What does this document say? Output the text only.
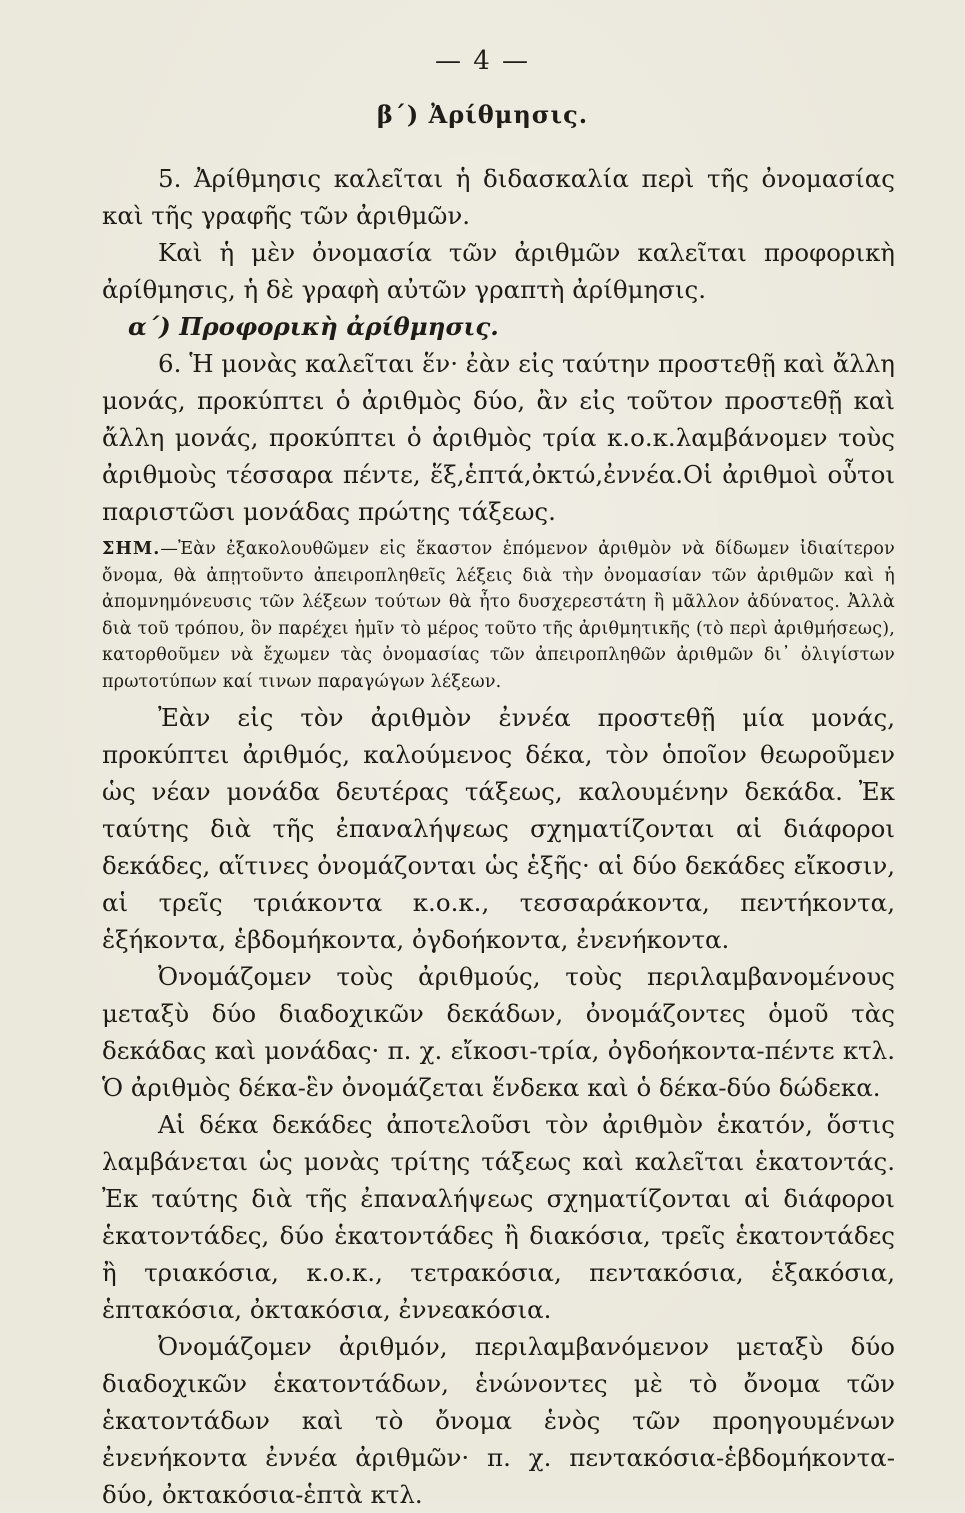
— 4 —
β΄) Ἀρίθμησις.

5. Ἀρίθμησις καλεῖται ἡ διδασκαλία περὶ τῆς ὀνομασίας καὶ τῆς γραφῆς τῶν ἀριθμῶν.

Καὶ ἡ μὲν ὀνομασία τῶν ἀριθμῶν καλεῖται προφορικὴ ἀρίθμησις, ἡ δὲ γραφὴ αὐτῶν γραπτὴ ἀρίθμησις.

α΄) Προφορικὴ ἀρίθμησις.

6. Ἡ μονὰς καλεῖται ἕν· ἐὰν εἰς ταύτην προστεθῇ καὶ ἄλλη μονάς, προκύπτει ὁ ἀριθμὸς δύο, ἂν εἰς τοῦτον προστεθῇ καὶ ἄλλη μονάς, προκύπτει ὁ ἀριθμὸς τρία κ.ο.κ.λαμβάνομεν τοὺς ἀριθμοὺς τέσσαρα πέντε, ἕξ,ἑπτά,ὀκτώ,ἐννέα.Οἱ ἀριθμοὶ οὗτοι παριστῶσι μονάδας πρώτης τάξεως.

ΣΗΜ.—Ἐὰν ἐξακολουθῶμεν εἰς ἕκαστον ἑπόμενον ἀριθμὸν νὰ δίδωμεν ἰδιαίτερον ὄνομα, θὰ ἀπῃτοῦντο ἀπειροπληθεῖς λέξεις διὰ τὴν ὀνομασίαν τῶν ἀριθμῶν καὶ ἡ ἀπομνημόνευσις τῶν λέξεων τούτων θὰ ἦτο δυσχερεστάτη ἢ μᾶλλον ἀδύνατος. Ἀλλὰ διὰ τοῦ τρόπου, ὃν παρέχει ἡμῖν τὸ μέρος τοῦτο τῆς ἀριθμητικῆς (τὸ περὶ ἀριθμήσεως), κατορθοῦμεν νὰ ἔχωμεν τὰς ὀνομασίας τῶν ἀπειροπληθῶν ἀριθμῶν δι᾽ ὀλιγίστων πρωτοτύπων καί τινων παραγώγων λέξεων.

Ἐὰν εἰς τὸν ἀριθμὸν ἐννέα προστεθῇ μία μονάς, προκύπτει ἀριθμός, καλούμενος δέκα, τὸν ὁποῖον θεωροῦμεν ὡς νέαν μονάδα δευτέρας τάξεως, καλουμένην δεκάδα. Ἐκ ταύτης διὰ τῆς ἐπαναλήψεως σχηματίζονται αἱ διάφοροι δεκάδες, αἵτινες ὀνομάζονται ὡς ἑξῆς· αἱ δύο δεκάδες εἴκοσιν, αἱ τρεῖς τριάκοντα κ.ο.κ., τεσσαράκοντα, πεντήκοντα, ἑξήκοντα, ἑβδομήκοντα, ὀγδοήκοντα, ἐνενήκοντα.

Ὀνομάζομεν τοὺς ἀριθμούς, τοὺς περιλαμβανομένους μεταξὺ δύο διαδοχικῶν δεκάδων, ὀνομάζοντες ὁμοῦ τὰς δεκάδας καὶ μονάδας· π. χ. εἴκοσι-τρία, ὀγδοήκοντα-πέντε κτλ. Ὁ ἀριθμὸς δέκα-ἓν ὀνομάζεται ἕνδεκα καὶ ὁ δέκα-δύο δώδεκα.

Αἱ δέκα δεκάδες ἀποτελοῦσι τὸν ἀριθμὸν ἑκατόν, ὅστις λαμβάνεται ὡς μονὰς τρίτης τάξεως καὶ καλεῖται ἑκατοντάς. Ἐκ ταύτης διὰ τῆς ἐπαναλήψεως σχηματίζονται αἱ διάφοροι ἑκατοντάδες, δύο ἑκατοντάδες ἢ διακόσια, τρεῖς ἑκατοντάδες ἢ τριακόσια, κ.ο.κ., τετρακόσια, πεντακόσια, ἑξακόσια, ἑπτακόσια, ὀκτακόσια, ἐννεακόσια.

Ὀνομάζομεν ἀριθμόν, περιλαμβανόμενον μεταξὺ δύο διαδοχικῶν ἑκατοντάδων, ἑνώνοντες μὲ τὸ ὄνομα τῶν ἑκατοντάδων καὶ τὸ ὄνομα ἑνὸς τῶν προηγουμένων ἐνενήκοντα ἐννέα ἀριθμῶν· π. χ. πεντακόσια-ἑβδομήκοντα-δύο, ὀκτακόσια-ἑπτὰ κτλ.
